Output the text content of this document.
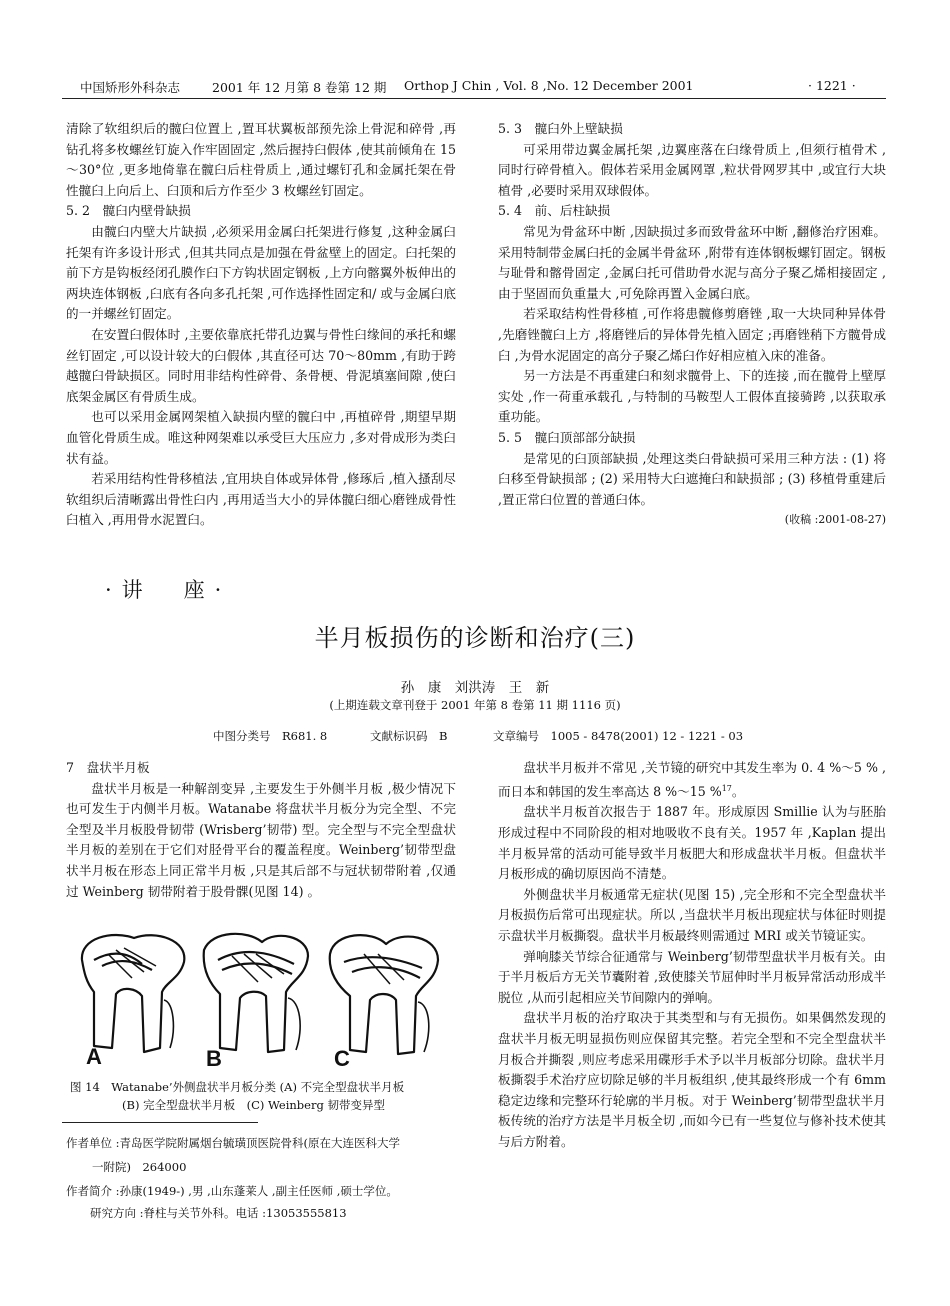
中国矫形外科杂志	2001 年 12 月第 8 卷第 12 期 Orthop J Chin , Vol. 8 ,No. 12 December 2001	· 1221 ·

清除了软组织后的髋臼位置上 ,置耳状翼板部预先涂上骨泥和碎骨 ,再钻孔将多枚螺丝钉旋入作牢固固定 ,然后握持臼假体 ,使其前倾角在 15～30°位 ,更多地倚靠在髋臼后柱骨质上 ,通过螺钉孔和金属托架在骨性髋臼上向后上、臼顶和后方作至少 3 枚螺丝钉固定。

5. 2　髋臼内壁骨缺损

由髋臼内壁大片缺损 ,必须采用金属臼托架进行修复 ,这种金属臼托架有许多设计形式 ,但其共同点是加强在骨盆壁上的固定。臼托架的前下方是钩板经闭孔膜作臼下方钩状固定钢板 ,上方向髂翼外板伸出的两块连体钢板 ,臼底有各向多孔托架 ,可作选择性固定和/ 或与金属臼底的一并螺丝钉固定。

在安置臼假体时 ,主要依靠底托带孔边翼与骨性臼缘间的承托和螺丝钉固定 ,可以设计较大的臼假体 ,其直径可达 70～80mm ,有助于跨越髋臼骨缺损区。同时用非结构性碎骨、条骨梗、骨泥填塞间隙 ,使臼底架金属区有骨质生成。

也可以采用金属网架植入缺损内壁的髋臼中 ,再植碎骨 ,期望早期血管化骨质生成。唯这种网架难以承受巨大压应力 ,多对骨成形为类臼状有益。

若采用结构性骨移植法 ,宜用块自体或异体骨 ,修琢后 ,植入搔刮尽软组织后清晰露出骨性臼内 ,再用适当大小的异体髋臼细心磨锉成骨性臼植入 ,再用骨水泥置臼。

5. 3　髋臼外上壁缺损

可采用带边翼金属托架 ,边翼座落在臼缘骨质上 ,但须行植骨术 ,同时行碎骨植入。假体若采用金属网罩 ,粒状骨网罗其中 ,或宜行大块植骨 ,必要时采用双球假体。

5. 4　前、后柱缺损

常见为骨盆环中断 ,因缺损过多而致骨盆环中断 ,翻修治疗困难。采用特制带金属臼托的金属半骨盆环 ,附带有连体钢板螺钉固定。钢板与耻骨和髂骨固定 ,金属臼托可借助骨水泥与高分子聚乙烯相接固定 ,由于坚固而负重量大 ,可免除再置入金属臼底。

若采取结构性骨移植 ,可作将患髋修剪磨锉 ,取一大块同种异体骨 ,先磨锉髋臼上方 ,将磨锉后的异体骨先植入固定 ;再磨锉稍下方髋骨成臼 ,为骨水泥固定的高分子聚乙烯臼作好相应植入床的准备。

另一方法是不再重建臼和刻求髋骨上、下的连接 ,而在髋骨上壁厚实处 ,作一荷重承载孔 ,与特制的马鞍型人工假体直接骑跨 ,以获取承重功能。

5. 5　髋臼顶部部分缺损

是常见的臼顶部缺损 ,处理这类臼骨缺损可采用三种方法 : (1) 将臼移至骨缺损部 ; (2) 采用特大臼遮掩臼和缺损部 ; (3) 移植骨重建后 ,置正常臼位置的普通臼体。

(收稿 :2001-08-27)

·讲　座·
半月板损伤的诊断和治疗(三)
孙　康　刘洪涛　王　新
(上期连载文章刊登于 2001 年第 8 卷第 11 期 1116 页)
中图分类号　R681. 8	文献标识码　B	文章编号　1005 - 8478(2001) 12 - 1221 - 03

7　盘状半月板

盘状半月板是一种解剖变异 ,主要发生于外侧半月板 ,极少情况下也可发生于内侧半月板。Watanabe 将盘状半月板分为完全型、不完全型及半月板股骨韧带 (Wrisberg’韧带) 型。完全型与不完全型盘状半月板的差别在于它们对胫骨平台的覆盖程度。Weinberg’韧带型盘状半月板在形态上同正常半月板 ,只是其后部不与冠状韧带附着 ,仅通过 Weinberg 韧带附着于股骨髁(见图 14) 。

A	B	C
图 14　Watanabe’外侧盘状半月板分类 (A) 不完全型盘状半月板
(B) 完全型盘状半月板　(C) Weinberg 韧带变异型
作者单位 :青岛医学院附属烟台毓璜顶医院骨科(原在大连医科大学
一附院)　264000
作者简介 :孙康(1949-) ,男 ,山东蓬莱人 ,副主任医师 ,硕士学位。
研究方向 :脊柱与关节外科。电话 :13053555813

盘状半月板并不常见 ,关节镜的研究中其发生率为 0. 4 %～5 % ,而日本和韩国的发生率高达 8 %～15 %$^{17}$。

盘状半月板首次报告于 1887 年。形成原因 Smillie 认为与胚胎形成过程中不同阶段的相对地吸收不良有关。1957 年 ,Kaplan 提出半月板异常的活动可能导致半月板肥大和形成盘状半月板。但盘状半月板形成的确切原因尚不清楚。

外侧盘状半月板通常无症状(见图 15) ,完全形和不完全型盘状半月板损伤后常可出现症状。所以 ,当盘状半月板出现症状与体征时则提示盘状半月板撕裂。盘状半月板最终则需通过 MRI 或关节镜证实。

弹响膝关节综合征通常与 Weinberg’韧带型盘状半月板有关。由于半月板后方无关节囊附着 ,致使膝关节屈伸时半月板异常活动形成半脱位 ,从而引起相应关节间隙内的弹响。

盘状半月板的治疗取决于其类型和与有无损伤。如果偶然发现的盘状半月板无明显损伤则应保留其完整。若完全型和不完全型盘状半月板合并撕裂 ,则应考虑采用碟形手术予以半月板部分切除。盘状半月板撕裂手术治疗应切除足够的半月板组织 ,使其最终形成一个有 6mm 稳定边缘和完整环行轮廓的半月板。对于 Weinberg’韧带型盘状半月板传统的治疗方法是半月板全切 ,而如今已有一些复位与修补技术使其与后方附着。
